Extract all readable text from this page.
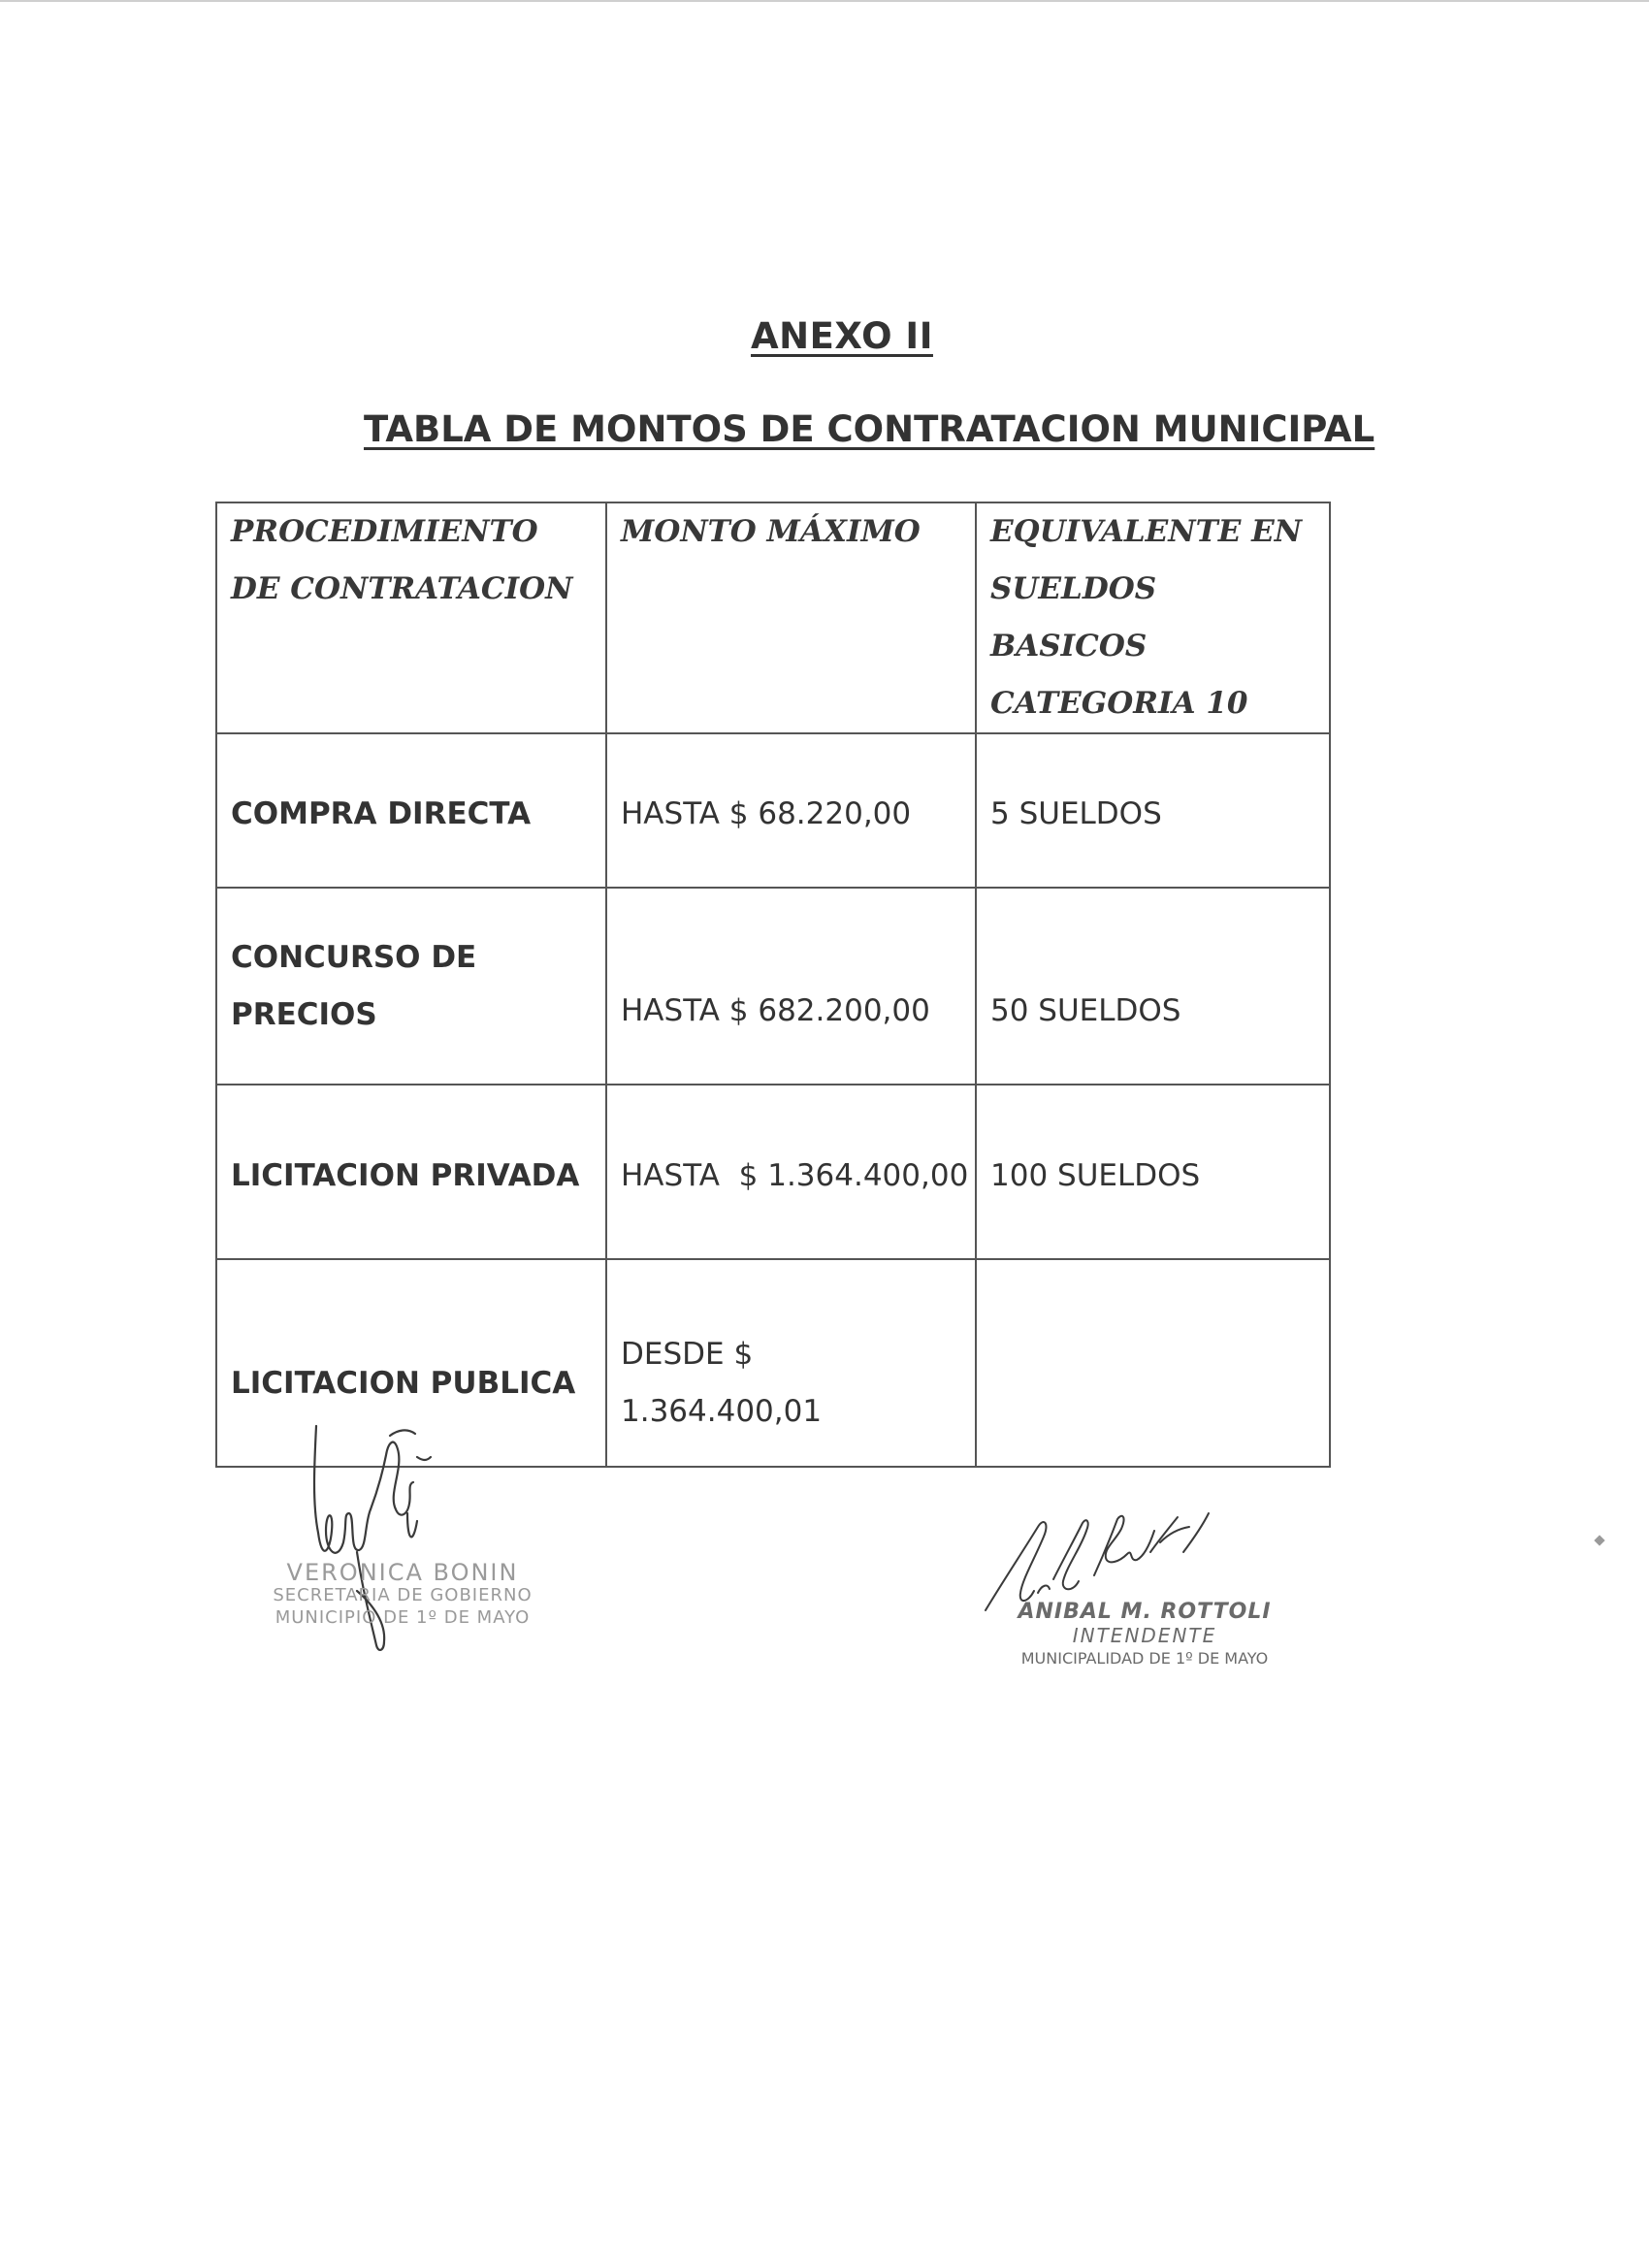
ANEXO II
TABLA DE MONTOS DE CONTRATACION MUNICIPAL
PROCEDIMIENTO DE CONTRATACION	MONTO MÁXIMO	EQUIVALENTE EN SUELDOS BASICOS CATEGORIA 10
COMPRA DIRECTA	HASTA $ 68.220,00	5 SUELDOS
CONCURSO DE PRECIOS	HASTA $ 682.200,00	50 SUELDOS
LICITACION PRIVADA	HASTA  $ 1.364.400,00	100 SUELDOS
LICITACION PUBLICA	DESDE $ 1.364.400,01	
VERONICA BONIN
SECRETARIA DE GOBIERNO
MUNICIPIO DE 1º DE MAYO	ANIBAL M. ROTTOLI
INTENDENTE
MUNICIPALIDAD DE 1º DE MAYO
